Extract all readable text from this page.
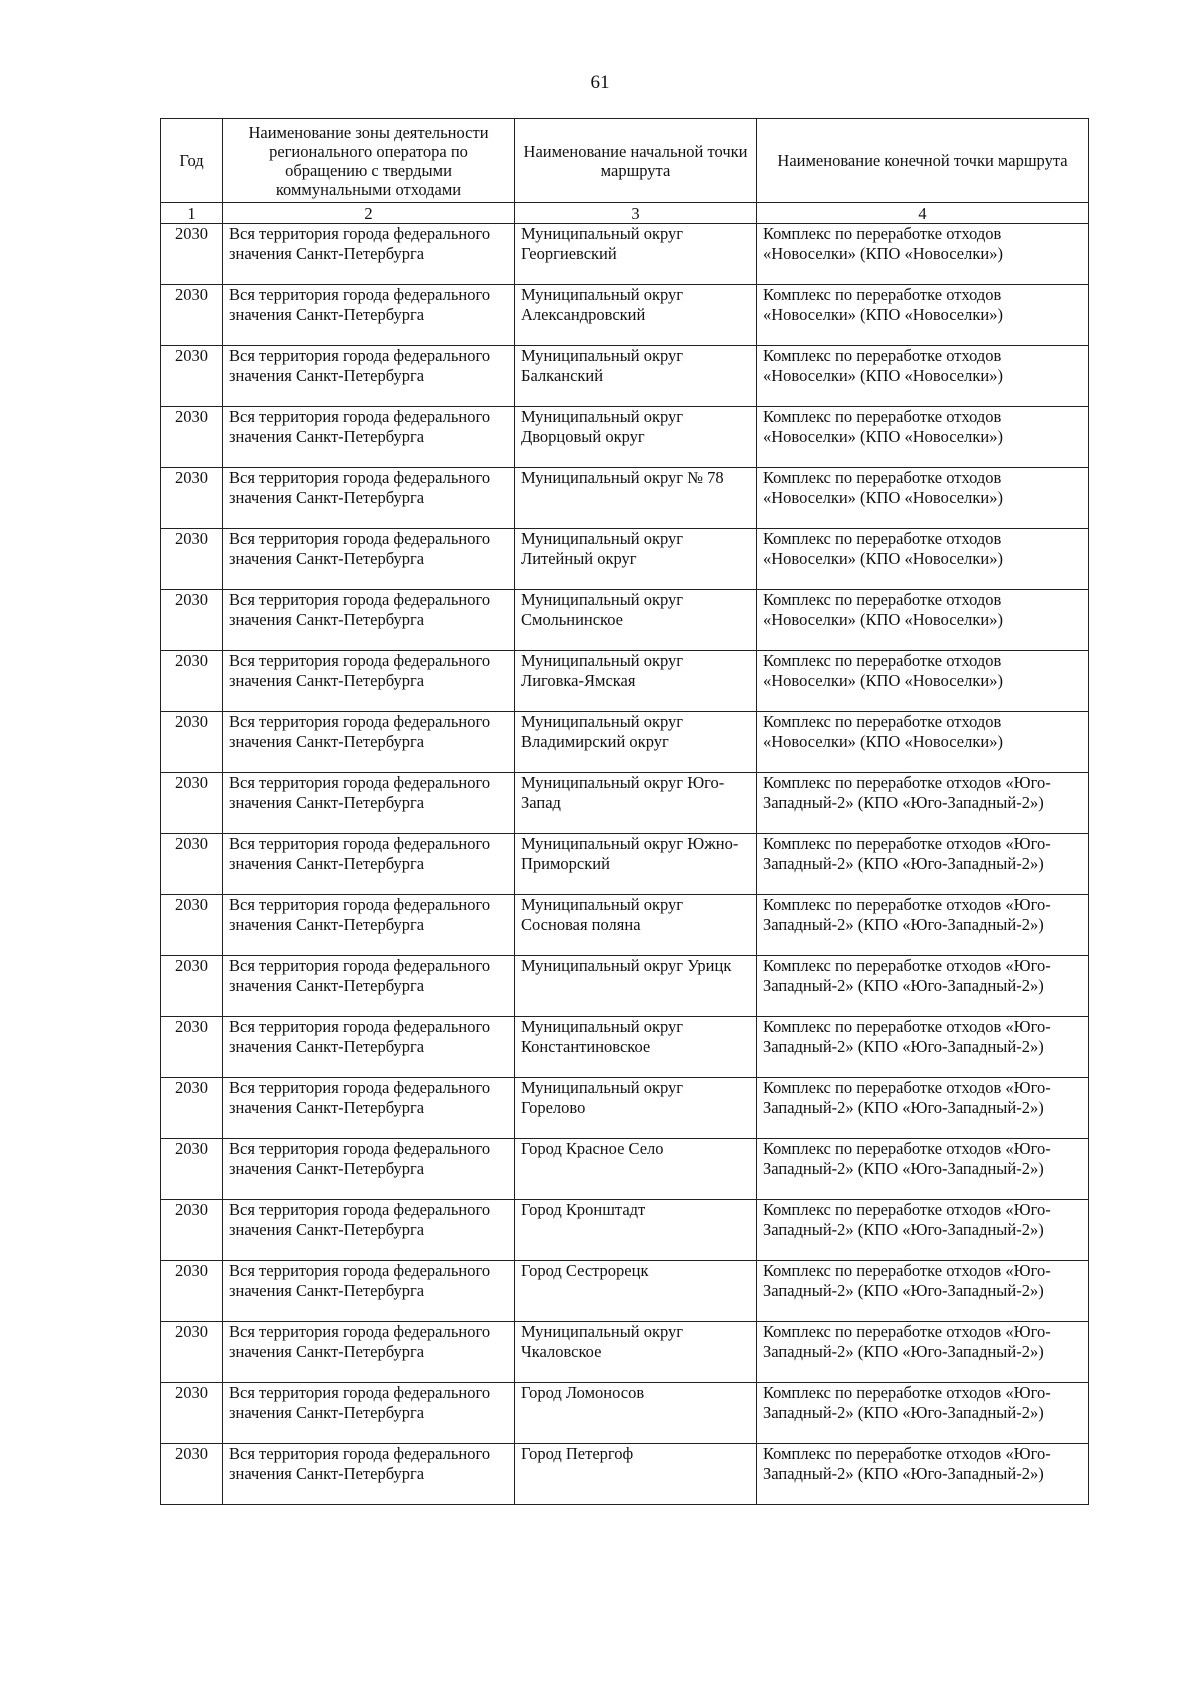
61
Год	Наименование зоны деятельности регионального оператора по обращению с твердыми коммунальными отходами	Наименование начальной точки маршрута	Наименование конечной точки маршрута
1	2	3	4
2030	Вся территория города федерального значения Санкт-Петербурга	Муниципальный округ Георгиевский	Комплекс по переработке отходов «Новоселки» (КПО «Новоселки»)
2030	Вся территория города федерального значения Санкт-Петербурга	Муниципальный округ Александровский	Комплекс по переработке отходов «Новоселки» (КПО «Новоселки»)
2030	Вся территория города федерального значения Санкт-Петербурга	Муниципальный округ Балканский	Комплекс по переработке отходов «Новоселки» (КПО «Новоселки»)
2030	Вся территория города федерального значения Санкт-Петербурга	Муниципальный округ Дворцовый округ	Комплекс по переработке отходов «Новоселки» (КПО «Новоселки»)
2030	Вся территория города федерального значения Санкт-Петербурга	Муниципальный округ № 78	Комплекс по переработке отходов «Новоселки» (КПО «Новоселки»)
2030	Вся территория города федерального значения Санкт-Петербурга	Муниципальный округ Литейный округ	Комплекс по переработке отходов «Новоселки» (КПО «Новоселки»)
2030	Вся территория города федерального значения Санкт-Петербурга	Муниципальный округ Смольнинское	Комплекс по переработке отходов «Новоселки» (КПО «Новоселки»)
2030	Вся территория города федерального значения Санкт-Петербурга	Муниципальный округ Лиговка-Ямская	Комплекс по переработке отходов «Новоселки» (КПО «Новоселки»)
2030	Вся территория города федерального значения Санкт-Петербурга	Муниципальный округ Владимирский округ	Комплекс по переработке отходов «Новоселки» (КПО «Новоселки»)
2030	Вся территория города федерального значения Санкт-Петербурга	Муниципальный округ Юго-Запад	Комплекс по переработке отходов «Юго-Западный-2» (КПО «Юго-Западный-2»)
2030	Вся территория города федерального значения Санкт-Петербурга	Муниципальный округ Южно-Приморский	Комплекс по переработке отходов «Юго-Западный-2» (КПО «Юго-Западный-2»)
2030	Вся территория города федерального значения Санкт-Петербурга	Муниципальный округ Сосновая поляна	Комплекс по переработке отходов «Юго-Западный-2» (КПО «Юго-Западный-2»)
2030	Вся территория города федерального значения Санкт-Петербурга	Муниципальный округ Урицк	Комплекс по переработке отходов «Юго-Западный-2» (КПО «Юго-Западный-2»)
2030	Вся территория города федерального значения Санкт-Петербурга	Муниципальный округ Константиновское	Комплекс по переработке отходов «Юго-Западный-2» (КПО «Юго-Западный-2»)
2030	Вся территория города федерального значения Санкт-Петербурга	Муниципальный округ Горелово	Комплекс по переработке отходов «Юго-Западный-2» (КПО «Юго-Западный-2»)
2030	Вся территория города федерального значения Санкт-Петербурга	Город Красное Село	Комплекс по переработке отходов «Юго-Западный-2» (КПО «Юго-Западный-2»)
2030	Вся территория города федерального значения Санкт-Петербурга	Город Кронштадт	Комплекс по переработке отходов «Юго-Западный-2» (КПО «Юго-Западный-2»)
2030	Вся территория города федерального значения Санкт-Петербурга	Город Сестрорецк	Комплекс по переработке отходов «Юго-Западный-2» (КПО «Юго-Западный-2»)
2030	Вся территория города федерального значения Санкт-Петербурга	Муниципальный округ Чкаловское	Комплекс по переработке отходов «Юго-Западный-2» (КПО «Юго-Западный-2»)
2030	Вся территория города федерального значения Санкт-Петербурга	Город Ломоносов	Комплекс по переработке отходов «Юго-Западный-2» (КПО «Юго-Западный-2»)
2030	Вся территория города федерального значения Санкт-Петербурга	Город Петергоф	Комплекс по переработке отходов «Юго-Западный-2» (КПО «Юго-Западный-2»)
